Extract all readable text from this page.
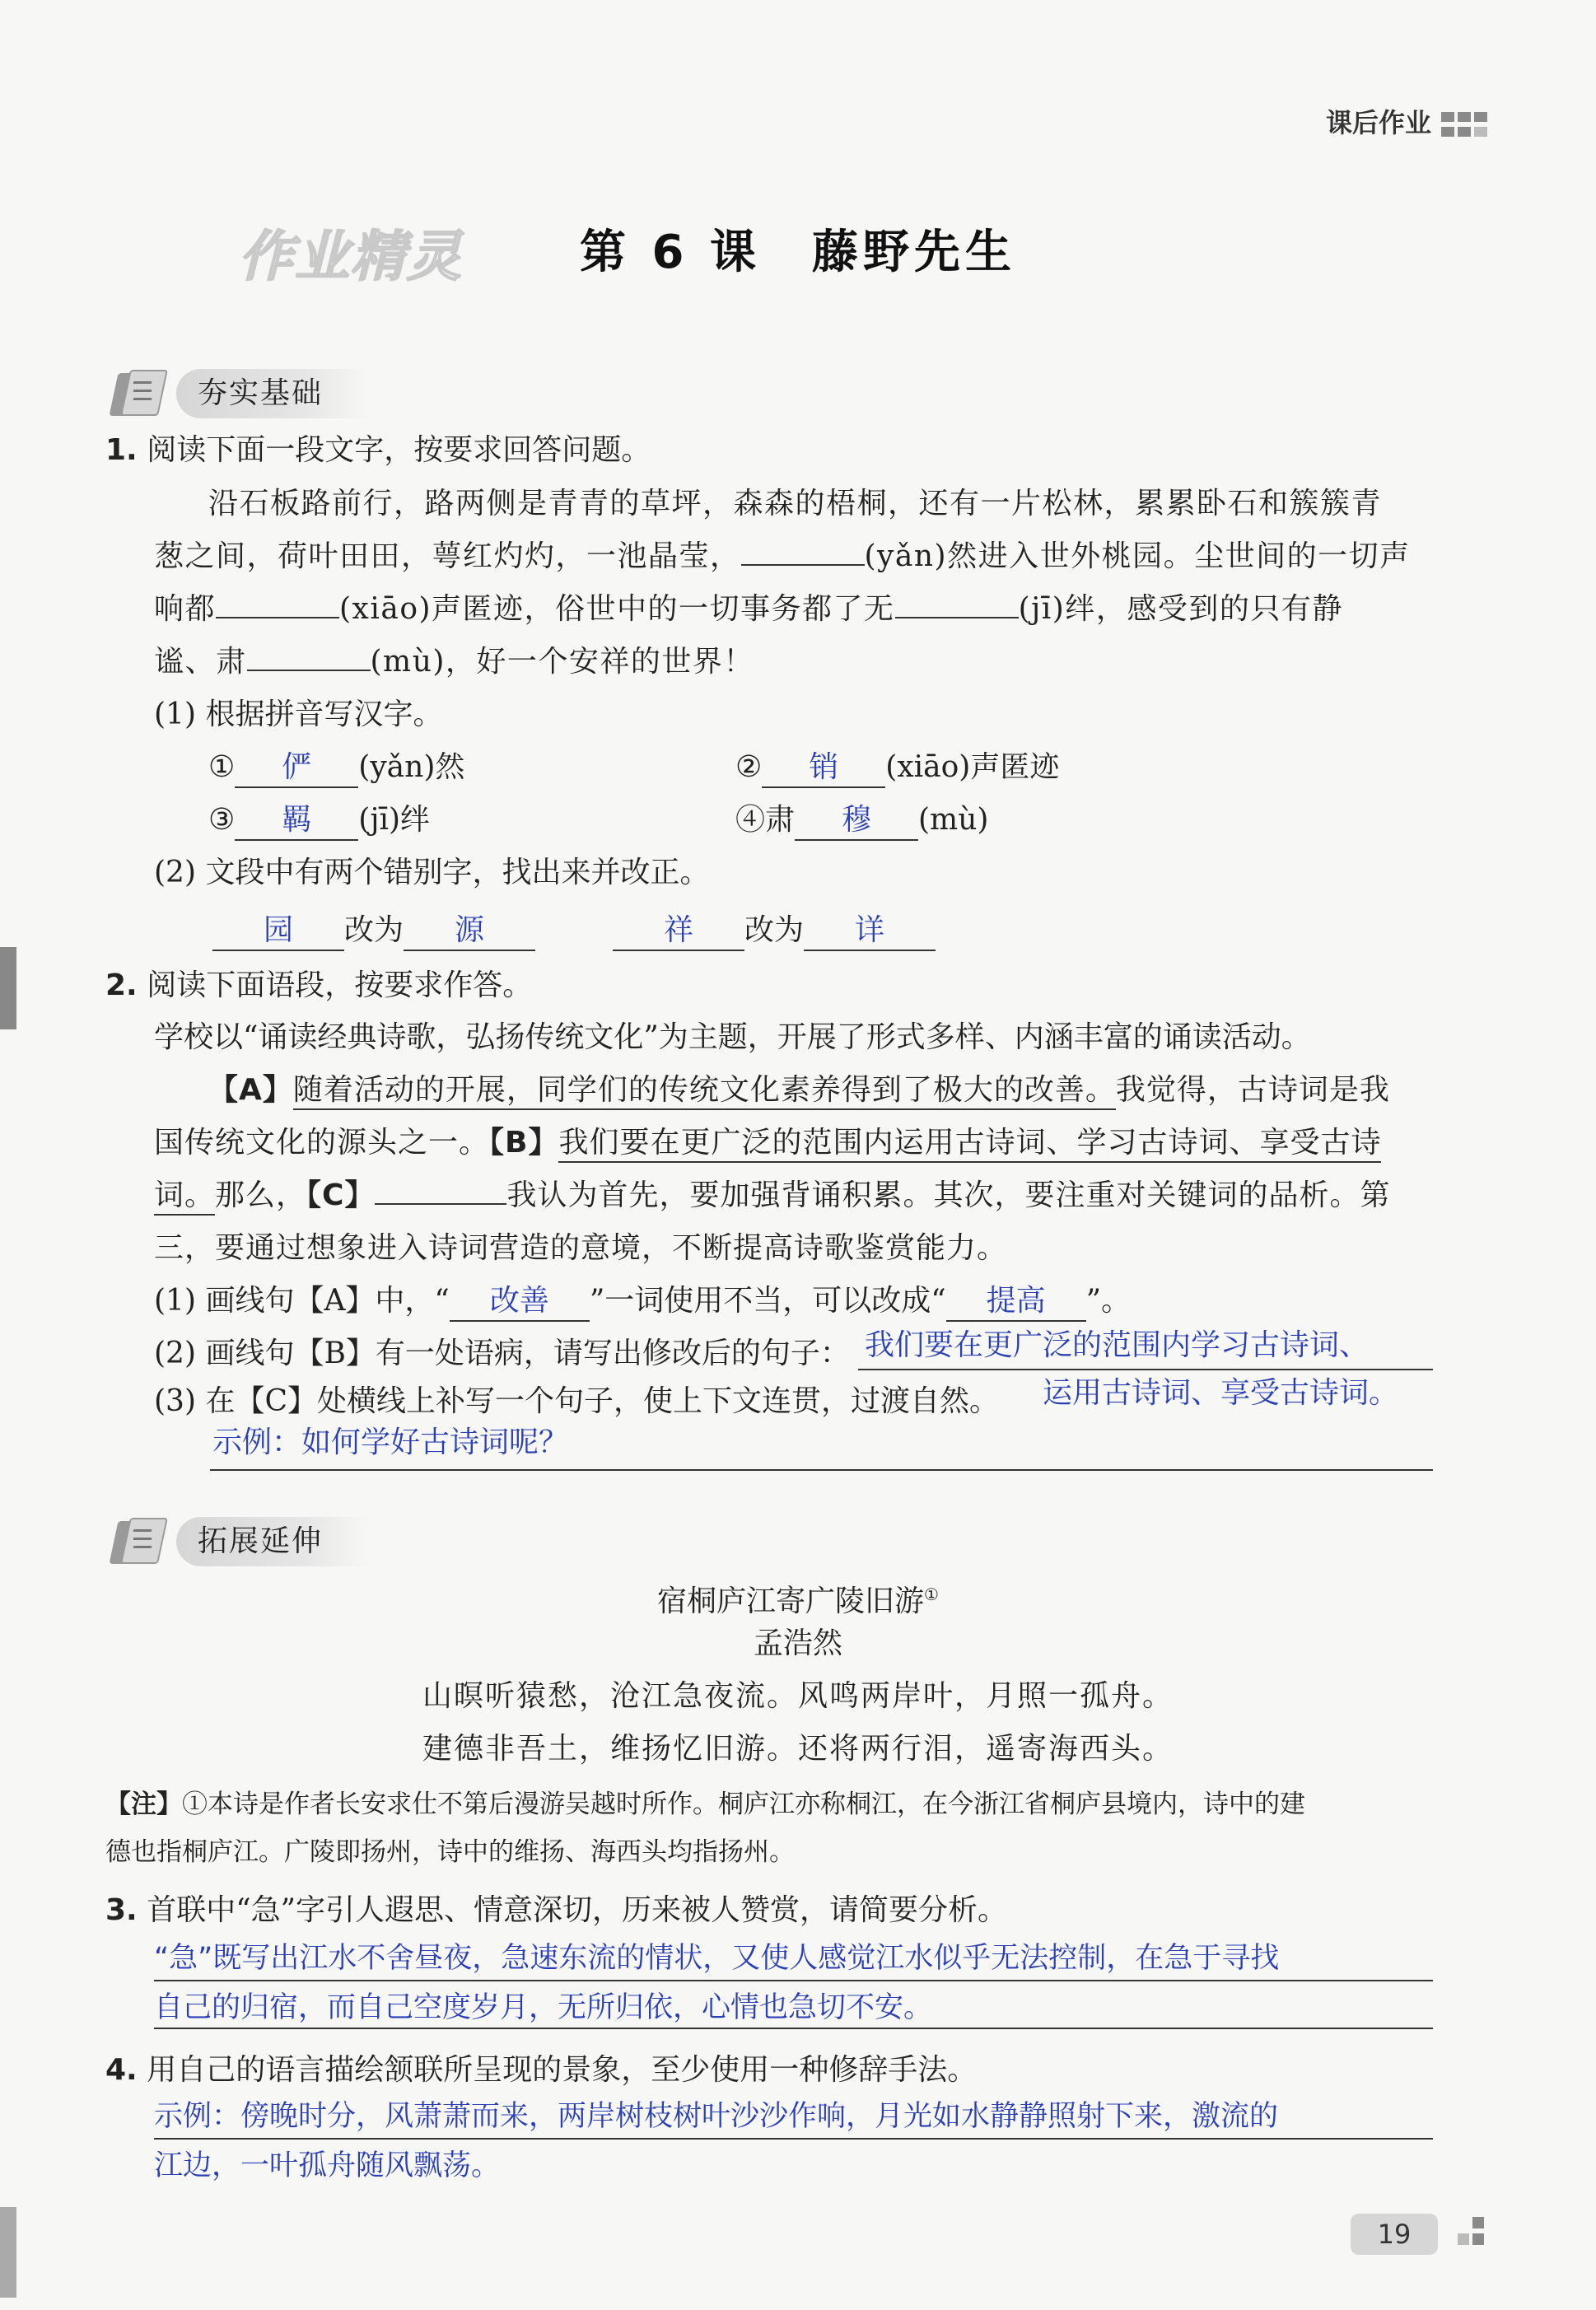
课后作业
作业精灵	第 6 课　藤野先生
夯实基础
1. 阅读下面一段文字，按要求回答问题。
沿石板路前行，路两侧是青青的草坪，森森的梧桐，还有一片松林，累累卧石和簇簇青
葱之间，荷叶田田，萼红灼灼，一池晶莹，	(yǎn)然进入世外桃园。尘世间的一切声
响都	(xiāo)声匿迹，俗世中的一切事务都了无	(jī)绊，感受到的只有静
谧、肃	(mù)，好一个安祥的世界！
(1) 根据拼音写汉字。
① 俨 (yǎn)然	② 销 (xiāo)声匿迹
③ 羁 (jī)绊	④肃 穆 (mù)
(2) 文段中有两个错别字，找出来并改正。
园 改为 源	祥 改为 详
2. 阅读下面语段，按要求作答。
学校以“诵读经典诗歌，弘扬传统文化”为主题，开展了形式多样、内涵丰富的诵读活动。
【A】随着活动的开展，同学们的传统文化素养得到了极大的改善。我觉得，古诗词是我
国传统文化的源头之一。【B】我们要在更广泛的范围内运用古诗词、学习古诗词、享受古诗
词。那么，【C】	我认为首先，要加强背诵积累。其次，要注重对关键词的品析。第
三，要通过想象进入诗词营造的意境，不断提高诗歌鉴赏能力。
(1) 画线句【A】中，“ 改善 ”一词使用不当，可以改成“ 提高 ”。
(2) 画线句【B】有一处语病，请写出修改后的句子： 我们要在更广泛的范围内学习古诗词、
(3) 在【C】处横线上补写一个句子，使上下文连贯，过渡自然。 运用古诗词、享受古诗词。
示例：如何学好古诗词呢？
拓展延伸
宿桐庐江寄广陵旧游①
孟浩然
山暝听猿愁，沧江急夜流。风鸣两岸叶，月照一孤舟。
建德非吾土，维扬忆旧游。还将两行泪，遥寄海西头。
【注】①本诗是作者长安求仕不第后漫游吴越时所作。桐庐江亦称桐江，在今浙江省桐庐县境内，诗中的建
德也指桐庐江。广陵即扬州，诗中的维扬、海西头均指扬州。
3. 首联中“急”字引人遐思、情意深切，历来被人赞赏，请简要分析。
“急”既写出江水不舍昼夜，急速东流的情状，又使人感觉江水似乎无法控制，在急于寻找
自己的归宿，而自己空度岁月，无所归依，心情也急切不安。
4. 用自己的语言描绘颔联所呈现的景象，至少使用一种修辞手法。
示例：傍晚时分，风萧萧而来，两岸树枝树叶沙沙作响，月光如水静静照射下来，激流的
江边，一叶孤舟随风飘荡。
19
